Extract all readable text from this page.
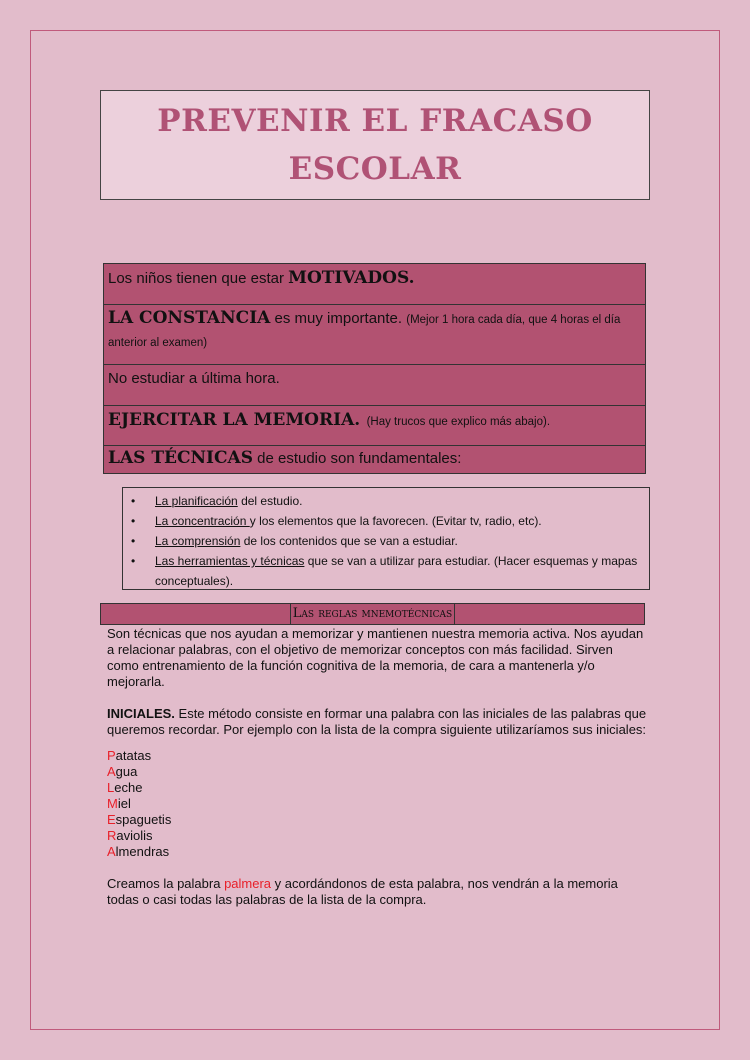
PREVENIR EL FRACASO
ESCOLAR
Los niños tienen que estar MOTIVADOS.
LA CONSTANCIA es muy importante. (Mejor 1 hora cada día, que 4 horas el día anterior al examen)
No estudiar a última hora.
EJERCITAR LA MEMORIA.  (Hay trucos que explico más abajo).
LAS TÉCNICAS de estudio son fundamentales:
• La planificación del estudio.
• La concentración y los elementos que la favorecen. (Evitar tv, radio, etc).
• La comprensión de los contenidos que se van a estudiar.
• Las herramientas y técnicas que se van a utilizar para estudiar. (Hacer esquemas y mapas conceptuales).
Las reglas mnemotécnicas

Son técnicas que nos ayudan a memorizar y mantienen nuestra memoria activa. Nos ayudan a relacionar palabras, con el objetivo de memorizar conceptos con más facilidad. Sirven como entrenamiento de la función cognitiva de la memoria, de cara a mantenerla y/o mejorarla.

INICIALES. Este método consiste en formar una palabra con las iniciales de las palabras que queremos recordar. Por ejemplo con la lista de la compra siguiente utilizaríamos sus iniciales:

Patatas
Agua
Leche
Miel
Espaguetis
Raviolis
Almendras

Creamos la palabra palmera y acordándonos de esta palabra, nos vendrán a la memoria todas o casi todas las palabras de la lista de la compra.
